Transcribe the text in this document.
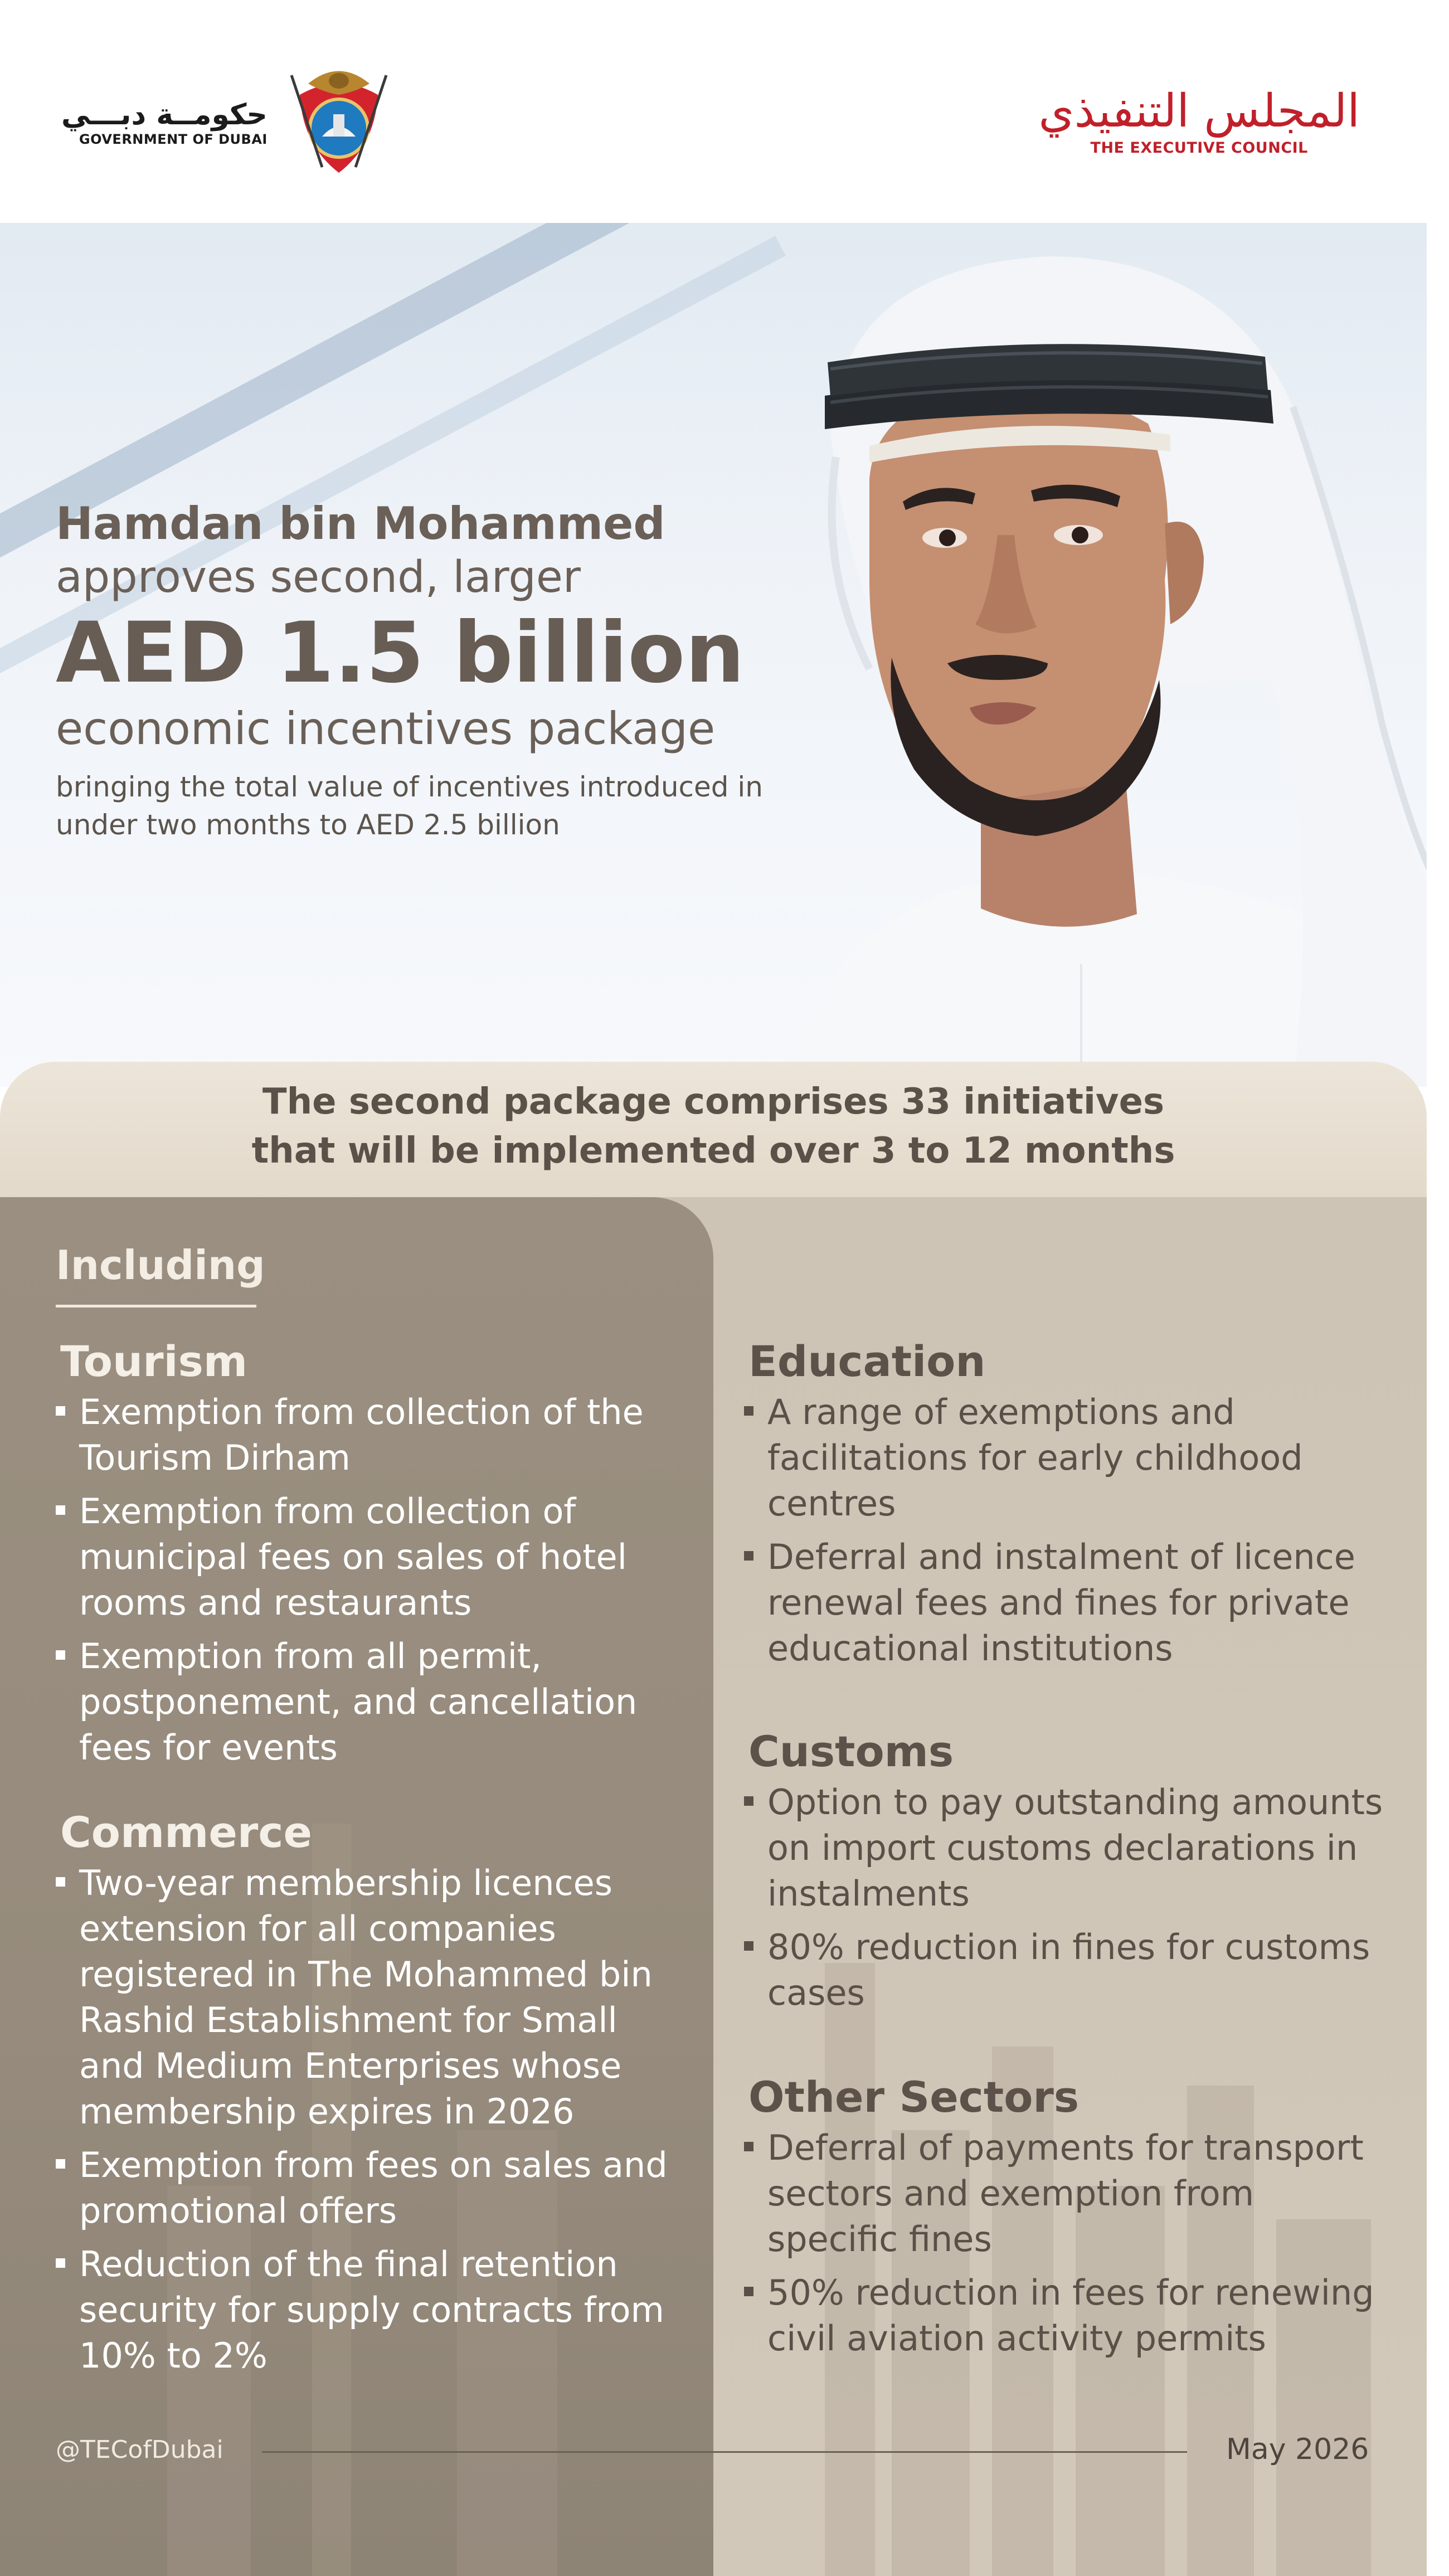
حكومــة دبـــي
GOVERNMENT OF DUBAI
المجلس التنفيذي
THE EXECUTIVE COUNCIL
Hamdan bin Mohammed
approves second, larger
AED 1.5 billion
economic incentives package
bringing the total value of incentives introduced in under two months to AED 2.5 billion
The second package comprises 33 initiatives
that will be implemented over 3 to 12 months
Including
Tourism
Exemption from collection of the Tourism Dirham
Exemption from collection of municipal fees on sales of hotel rooms and restaurants
Exemption from all permit, postponement, and cancellation fees for events
Commerce
Two-year membership licences extension for all companies registered in The Mohammed bin Rashid Establishment for Small and Medium Enterprises whose membership expires in 2026
Exemption from fees on sales and promotional offers
Reduction of the final retention security for supply contracts from 10% to 2%
Education
A range of exemptions and facilitations for early childhood centres
Deferral and instalment of licence renewal fees and fines for private educational institutions
Customs
Option to pay outstanding amounts on import customs declarations in instalments
80% reduction in fines for customs cases
Other Sectors
Deferral of payments for transport sectors and exemption from specific fines
50% reduction in fees for renewing civil aviation activity permits
@TECofDubai	May 2026
